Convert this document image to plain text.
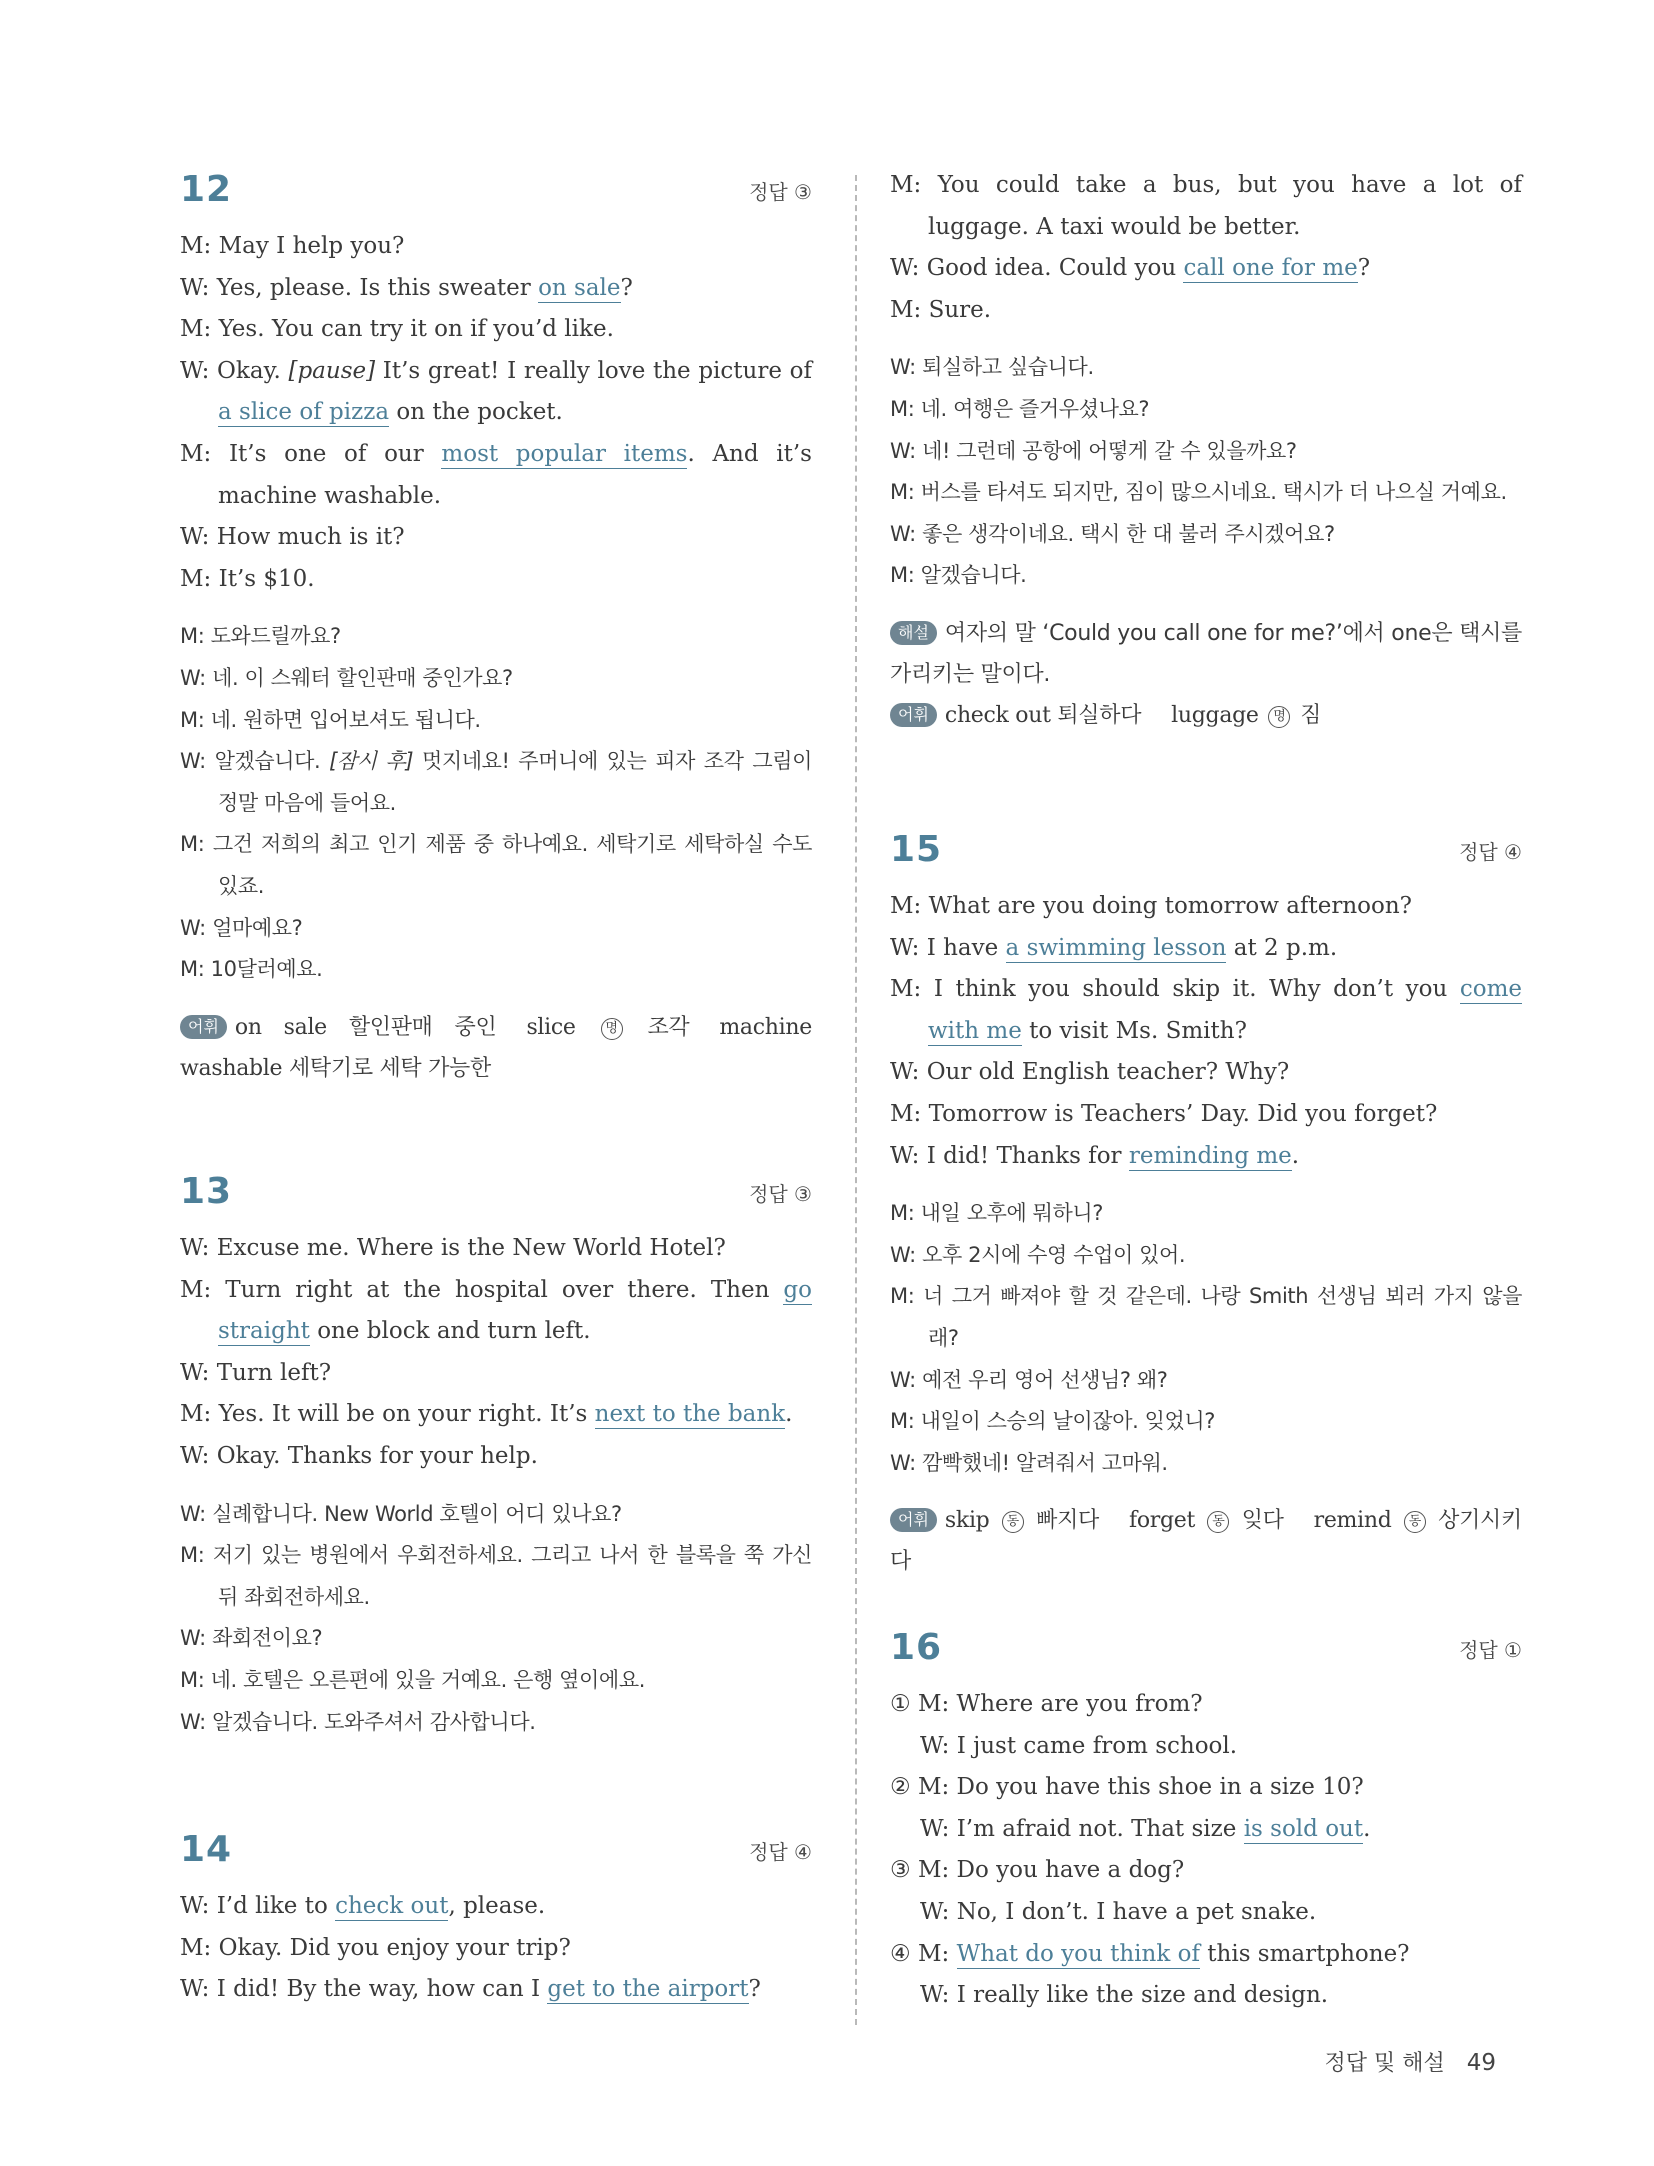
12	정답 ③
M: May I help you?
W: Yes, please. Is this sweater on sale?
M: Yes. You can try it on if you’d like.
W: Okay. [pause] It’s great! I really love the picture of a slice of pizza on the pocket.
M: It’s one of our most popular items. And it’s machine washable.
W: How much is it?
M: It’s $10.
M: 도와드릴까요?
W: 네. 이 스웨터 할인판매 중인가요?
M: 네. 원하면 입어보셔도 됩니다.
W: 알겠습니다. [잠시 후] 멋지네요! 주머니에 있는 피자 조각 그림이 정말 마음에 들어요.
M: 그건 저희의 최고 인기 제품 중 하나예요. 세탁기로 세탁하실 수도 있죠.
W: 얼마예요?
M: 10달러예요.
어휘 on sale 할인판매 중인 slice 명 조각 machine washable 세탁기로 세탁 가능한
13	정답 ③
W: Excuse me. Where is the New World Hotel?
M: Turn right at the hospital over there. Then go straight one block and turn left.
W: Turn left?
M: Yes. It will be on your right. It’s next to the bank.
W: Okay. Thanks for your help.
W: 실례합니다. New World 호텔이 어디 있나요?
M: 저기 있는 병원에서 우회전하세요. 그리고 나서 한 블록을 쭉 가신 뒤 좌회전하세요.
W: 좌회전이요?
M: 네. 호텔은 오른편에 있을 거예요. 은행 옆이에요.
W: 알겠습니다. 도와주셔서 감사합니다.
14	정답 ④
W: I’d like to check out, please.
M: Okay. Did you enjoy your trip?
W: I did! By the way, how can I get to the airport?
M: You could take a bus, but you have a lot of luggage. A taxi would be better.
W: Good idea. Could you call one for me?
M: Sure.
W: 퇴실하고 싶습니다.
M: 네. 여행은 즐거우셨나요?
W: 네! 그런데 공항에 어떻게 갈 수 있을까요?
M: 버스를 타셔도 되지만, 짐이 많으시네요. 택시가 더 나으실 거예요.
W: 좋은 생각이네요. 택시 한 대 불러 주시겠어요?
M: 알겠습니다.
해설 여자의 말 ‘Could you call one for me?’에서 one은 택시를 가리키는 말이다.
어휘 check out 퇴실하다 luggage 명 짐
15	정답 ④
M: What are you doing tomorrow afternoon?
W: I have a swimming lesson at 2 p.m.
M: I think you should skip it. Why don’t you come with me to visit Ms. Smith?
W: Our old English teacher? Why?
M: Tomorrow is Teachers’ Day. Did you forget?
W: I did! Thanks for reminding me.
M: 내일 오후에 뭐하니?
W: 오후 2시에 수영 수업이 있어.
M: 너 그거 빠져야 할 것 같은데. 나랑 Smith 선생님 뵈러 가지 않을래?
W: 예전 우리 영어 선생님? 왜?
M: 내일이 스승의 날이잖아. 잊었니?
W: 깜빡했네! 알려줘서 고마워.
어휘 skip 동 빠지다 forget 동 잊다 remind 동 상기시키다
16	정답 ①
① M: Where are you from?
W: I just came from school.
② M: Do you have this shoe in a size 10?
W: I’m afraid not. That size is sold out.
③ M: Do you have a dog?
W: No, I don’t. I have a pet snake.
④ M: What do you think of this smartphone?
W: I really like the size and design.
정답 및 해설 49
